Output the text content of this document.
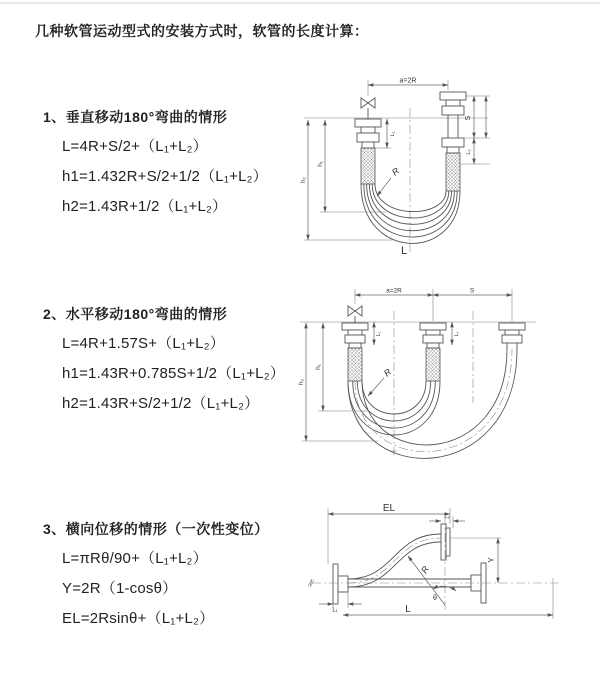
几种软管运动型式的安装方式时，软管的长度计算：
1、垂直移动180°弯曲的情形
L=4R+S/2+（L₁+L₂）
h1=1.432R+S/2+1/2（L₁+L₂）
h2=1.43R+1/2（L₁+L₂）
a=2R
L₁
S
L₂
h₁
h₂
R
L
2、水平移动180°弯曲的情形
L=4R+1.57S+（L₁+L₂）
h1=1.43R+0.785S+1/2（L₁+L₂）
h2=1.43R+S/2+1/2（L₁+L₂）
a=2R	S
L₁	L₂
h₁
h₂
R
3、横向位移的情形（一次性变位）
L=πRθ/90+（L₁+L₂）
Y=2R（1-cosθ）
EL=2Rsinθ+（L₁+L₂）
EL
L₂
R
θ
Y
L₁	L
